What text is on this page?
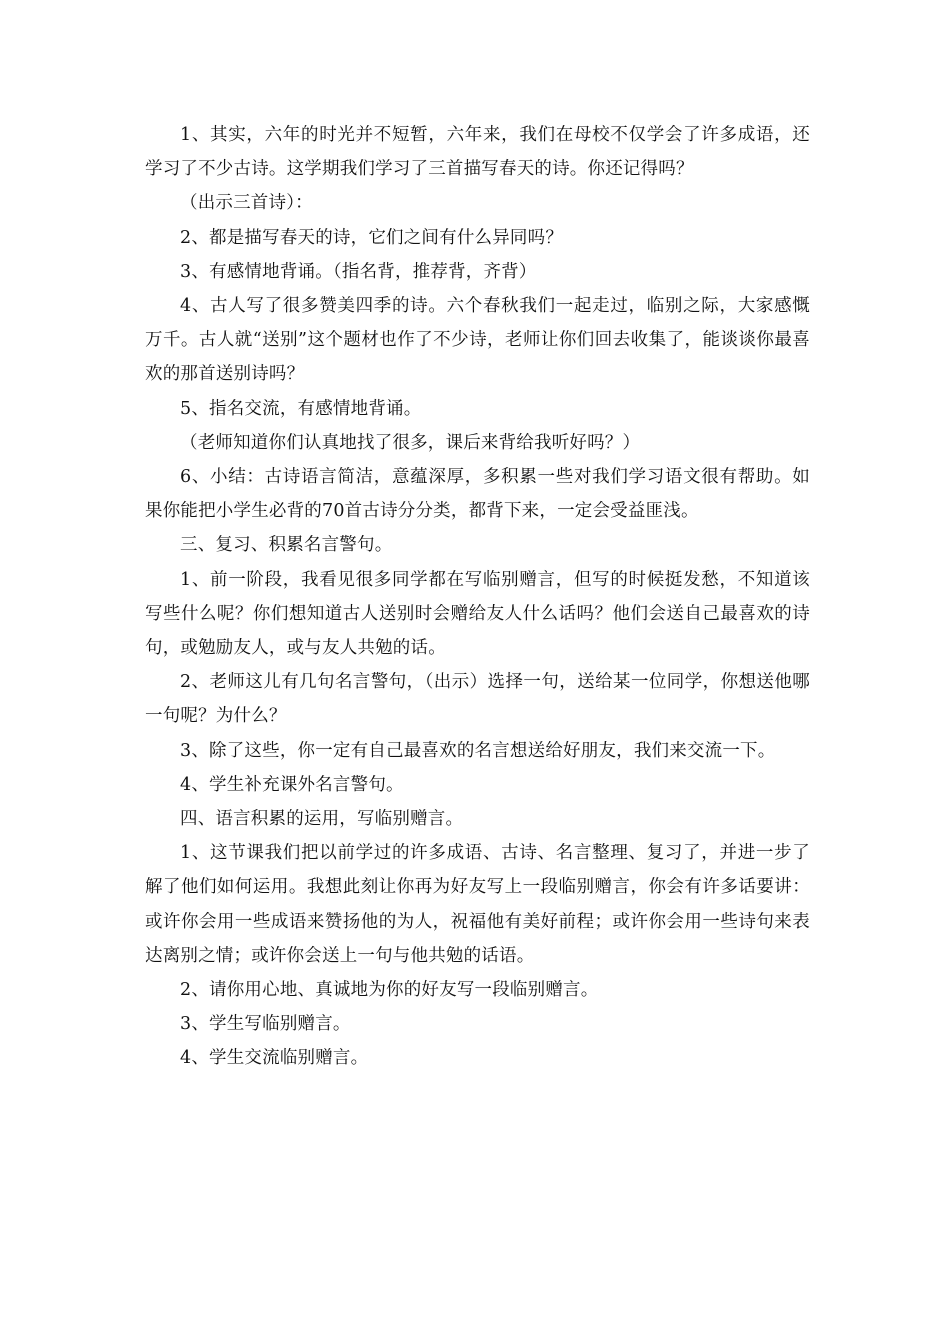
1、其实，六年的时光并不短暂，六年来，我们在母校不仅学会了许多成语，还学习了不少古诗。这学期我们学习了三首描写春天的诗。你还记得吗？

（出示三首诗）：

2、都是描写春天的诗，它们之间有什么异同吗？

3、有感情地背诵。（指名背，推荐背，齐背）

4、古人写了很多赞美四季的诗。六个春秋我们一起走过，临别之际，大家感慨万千。古人就“送别”这个题材也作了不少诗，老师让你们回去收集了，能谈谈你最喜欢的那首送别诗吗？

5、指名交流，有感情地背诵。

（老师知道你们认真地找了很多，课后来背给我听好吗？）

6、小结：古诗语言简洁，意蕴深厚，多积累一些对我们学习语文很有帮助。如果你能把小学生必背的70首古诗分分类，都背下来，一定会受益匪浅。

三、复习、积累名言警句。

1、前一阶段，我看见很多同学都在写临别赠言，但写的时候挺发愁，不知道该写些什么呢？你们想知道古人送别时会赠给友人什么话吗？他们会送自己最喜欢的诗句，或勉励友人，或与友人共勉的话。

2、老师这儿有几句名言警句，（出示）选择一句，送给某一位同学，你想送他哪一句呢？为什么？

3、除了这些，你一定有自己最喜欢的名言想送给好朋友，我们来交流一下。

4、学生补充课外名言警句。

四、语言积累的运用，写临别赠言。

1、这节课我们把以前学过的许多成语、古诗、名言整理、复习了，并进一步了解了他们如何运用。我想此刻让你再为好友写上一段临别赠言，你会有许多话要讲：或许你会用一些成语来赞扬他的为人，祝福他有美好前程；或许你会用一些诗句来表达离别之情；或许你会送上一句与他共勉的话语。

2、请你用心地、真诚地为你的好友写一段临别赠言。

3、学生写临别赠言。

4、学生交流临别赠言。
